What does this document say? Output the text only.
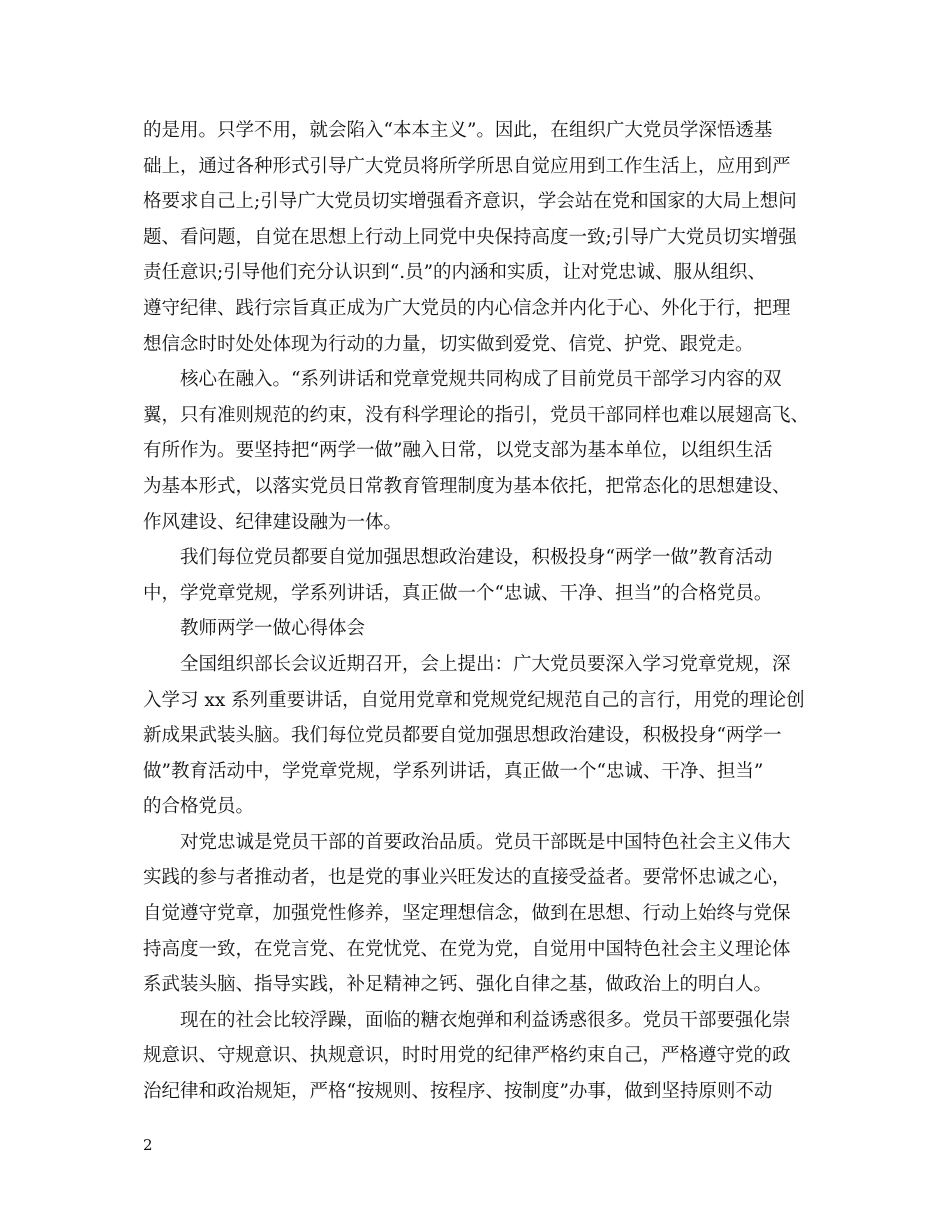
的是用。只学不用，就会陷入“本本主义”。因此，在组织广大党员学深悟透基
础上，通过各种形式引导广大党员将所学所思自觉应用到工作生活上，应用到严
格要求自己上;引导广大党员切实增强看齐意识，学会站在党和国家的大局上想问
题、看问题，自觉在思想上行动上同党中央保持高度一致;引导广大党员切实增强
责任意识;引导他们充分认识到“.员”的内涵和实质，让对党忠诚、服从组织、
遵守纪律、践行宗旨真正成为广大党员的内心信念并内化于心、外化于行，把理
想信念时时处处体现为行动的力量，切实做到爱党、信党、护党、跟党走。
核心在融入。“系列讲话和党章党规共同构成了目前党员干部学习内容的双
翼，只有准则规范的约束，没有科学理论的指引，党员干部同样也难以展翅高飞、
有所作为。要坚持把“两学一做”融入日常，以党支部为基本单位，以组织生活
为基本形式，以落实党员日常教育管理制度为基本依托，把常态化的思想建设、
作风建设、纪律建设融为一体。
我们每位党员都要自觉加强思想政治建设，积极投身“两学一做”教育活动
中，学党章党规，学系列讲话，真正做一个“忠诚、干净、担当”的合格党员。
教师两学一做心得体会
全国组织部长会议近期召开，会上提出：广大党员要深入学习党章党规，深
入学习 xx 系列重要讲话，自觉用党章和党规党纪规范自己的言行，用党的理论创
新成果武装头脑。我们每位党员都要自觉加强思想政治建设，积极投身“两学一
做”教育活动中，学党章党规，学系列讲话，真正做一个“忠诚、干净、担当”
的合格党员。
对党忠诚是党员干部的首要政治品质。党员干部既是中国特色社会主义伟大
实践的参与者推动者，也是党的事业兴旺发达的直接受益者。要常怀忠诚之心，
自觉遵守党章，加强党性修养，坚定理想信念，做到在思想、行动上始终与党保
持高度一致，在党言党、在党忧党、在党为党，自觉用中国特色社会主义理论体
系武装头脑、指导实践，补足精神之钙、强化自律之基，做政治上的明白人。
现在的社会比较浮躁，面临的糖衣炮弹和利益诱惑很多。党员干部要强化崇
规意识、守规意识、执规意识，时时用党的纪律严格约束自己，严格遵守党的政
治纪律和政治规矩，严格“按规则、按程序、按制度”办事，做到坚持原则不动
2
